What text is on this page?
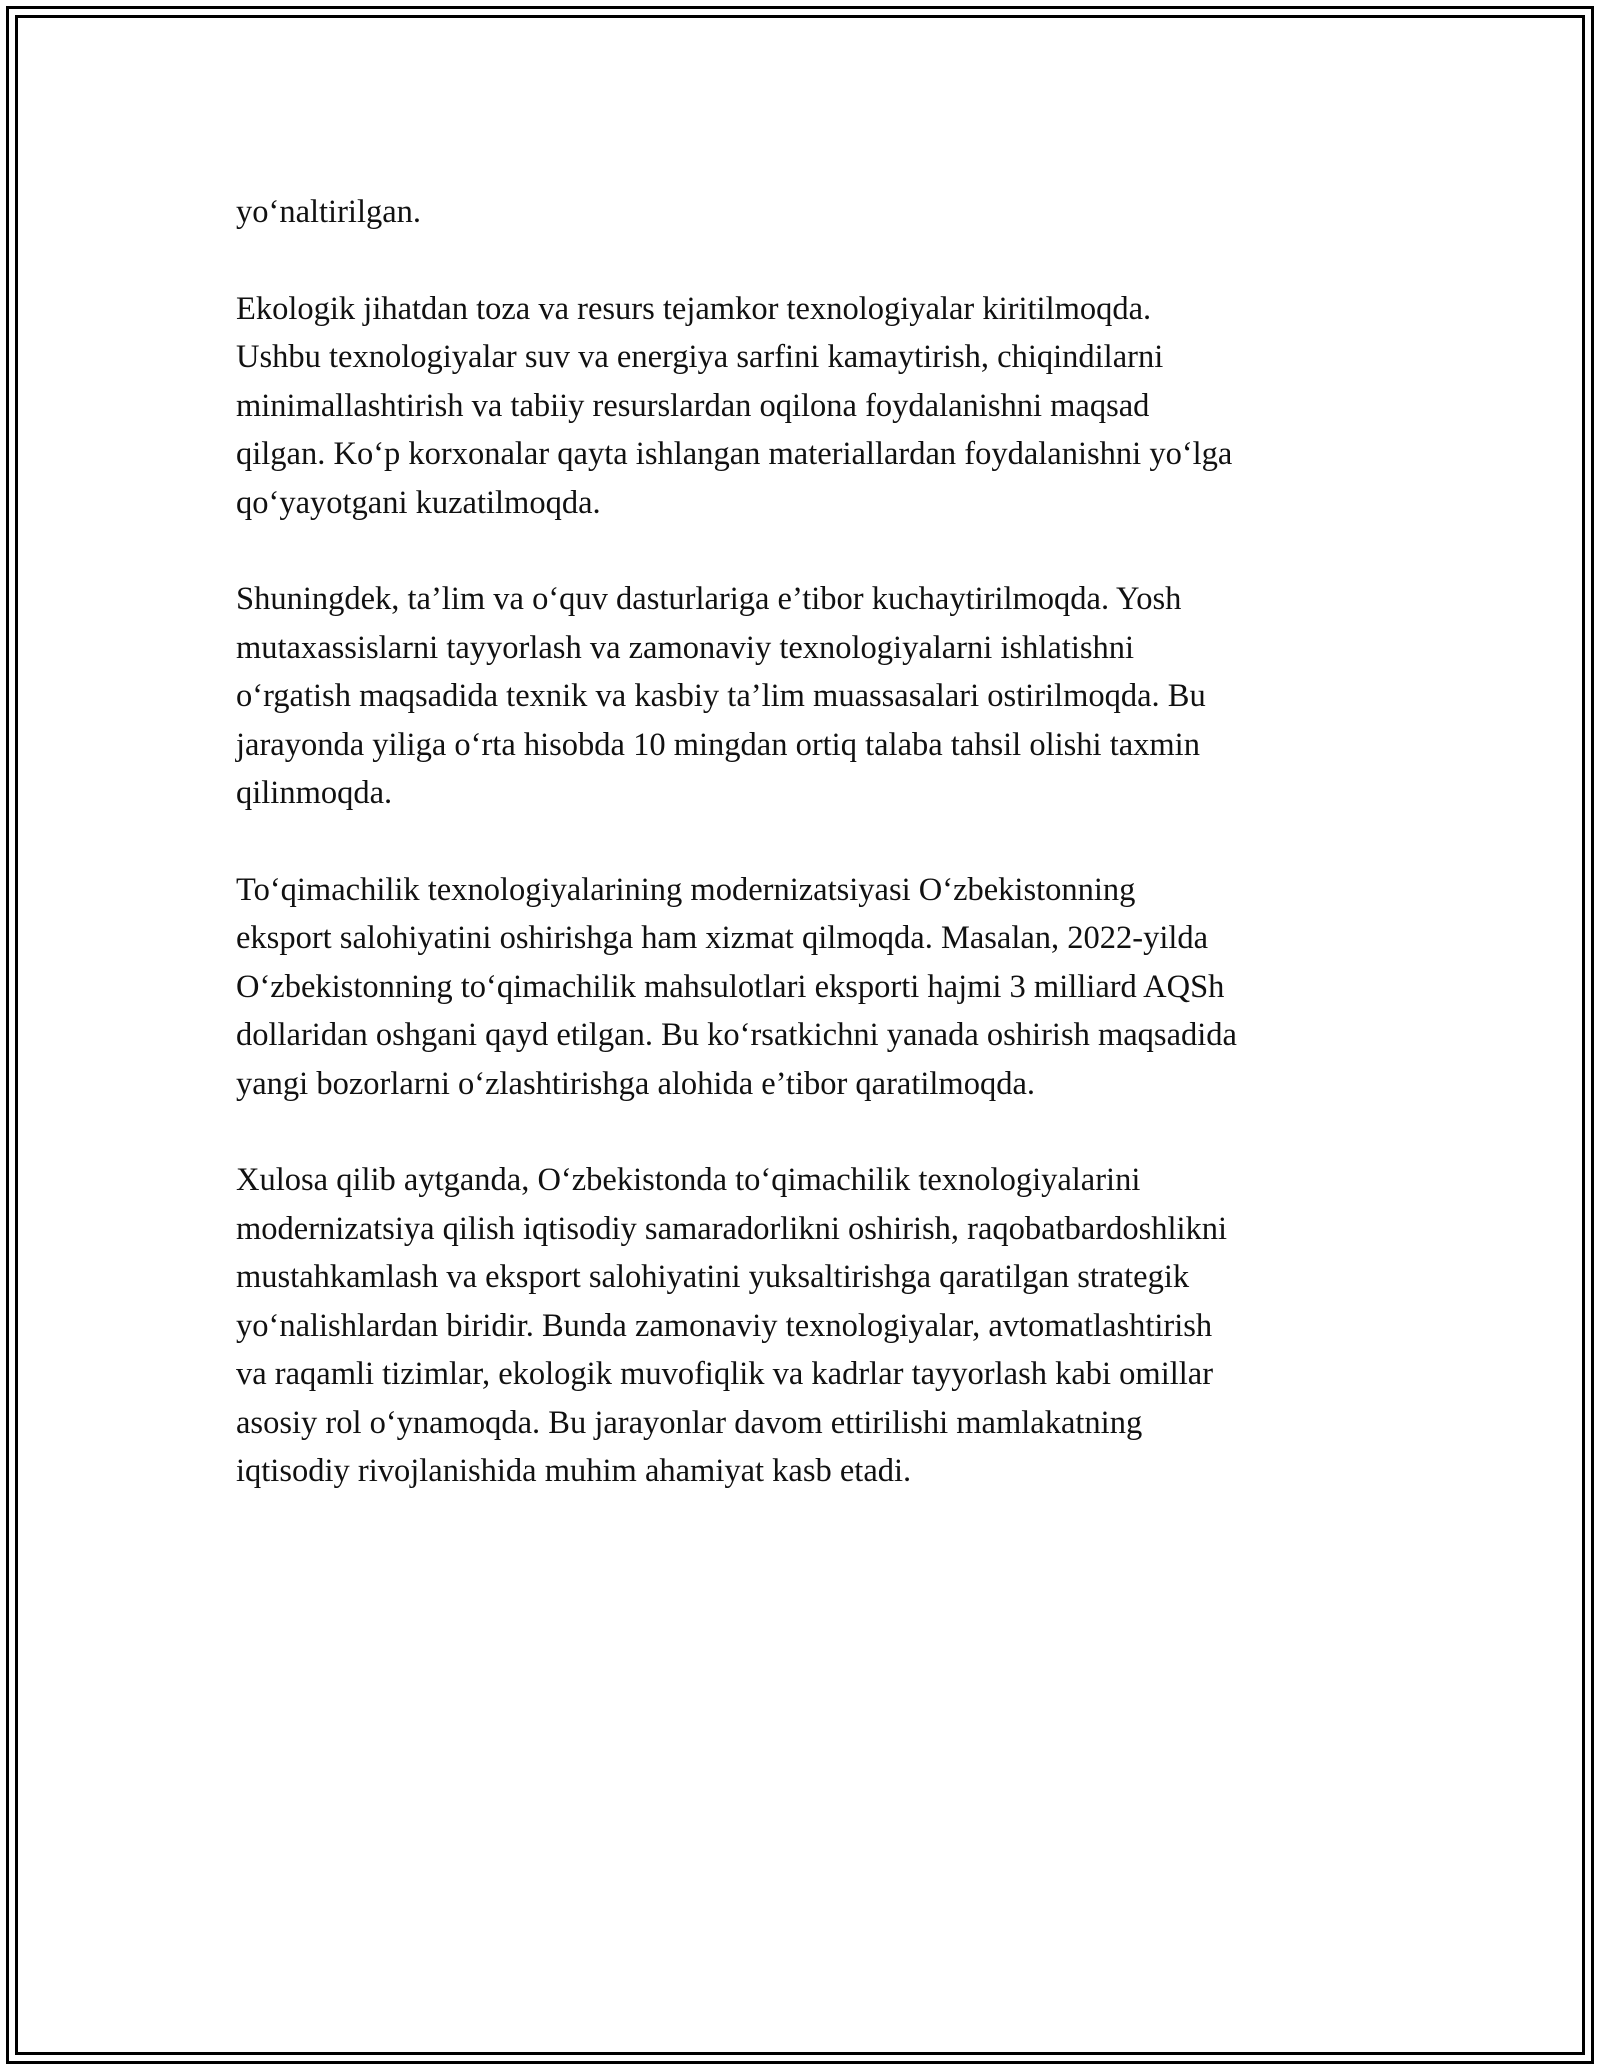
yo‘naltirilgan.

Ekologik jihatdan toza va resurs tejamkor texnologiyalar kiritilmoqda.
Ushbu texnologiyalar suv va energiya sarfini kamaytirish, chiqindilarni
minimallashtirish va tabiiy resurslardan oqilona foydalanishni maqsad
qilgan. Ko‘p korxonalar qayta ishlangan materiallardan foydalanishni yo‘lga
qo‘yayotgani kuzatilmoqda.

Shuningdek, ta’lim va o‘quv dasturlariga e’tibor kuchaytirilmoqda. Yosh
mutaxassislarni tayyorlash va zamonaviy texnologiyalarni ishlatishni
o‘rgatish maqsadida texnik va kasbiy ta’lim muassasalari ostirilmoqda. Bu
jarayonda yiliga o‘rta hisobda 10 mingdan ortiq talaba tahsil olishi taxmin
qilinmoqda.

To‘qimachilik texnologiyalarining modernizatsiyasi O‘zbekistonning
eksport salohiyatini oshirishga ham xizmat qilmoqda. Masalan, 2022-yilda
O‘zbekistonning to‘qimachilik mahsulotlari eksporti hajmi 3 milliard AQSh
dollaridan oshgani qayd etilgan. Bu ko‘rsatkichni yanada oshirish maqsadida
yangi bozorlarni o‘zlashtirishga alohida e’tibor qaratilmoqda.

Xulosa qilib aytganda, O‘zbekistonda to‘qimachilik texnologiyalarini
modernizatsiya qilish iqtisodiy samaradorlikni oshirish, raqobatbardoshlikni
mustahkamlash va eksport salohiyatini yuksaltirishga qaratilgan strategik
yo‘nalishlardan biridir. Bunda zamonaviy texnologiyalar, avtomatlashtirish
va raqamli tizimlar, ekologik muvofiqlik va kadrlar tayyorlash kabi omillar
asosiy rol o‘ynamoqda. Bu jarayonlar davom ettirilishi mamlakatning
iqtisodiy rivojlanishida muhim ahamiyat kasb etadi.
